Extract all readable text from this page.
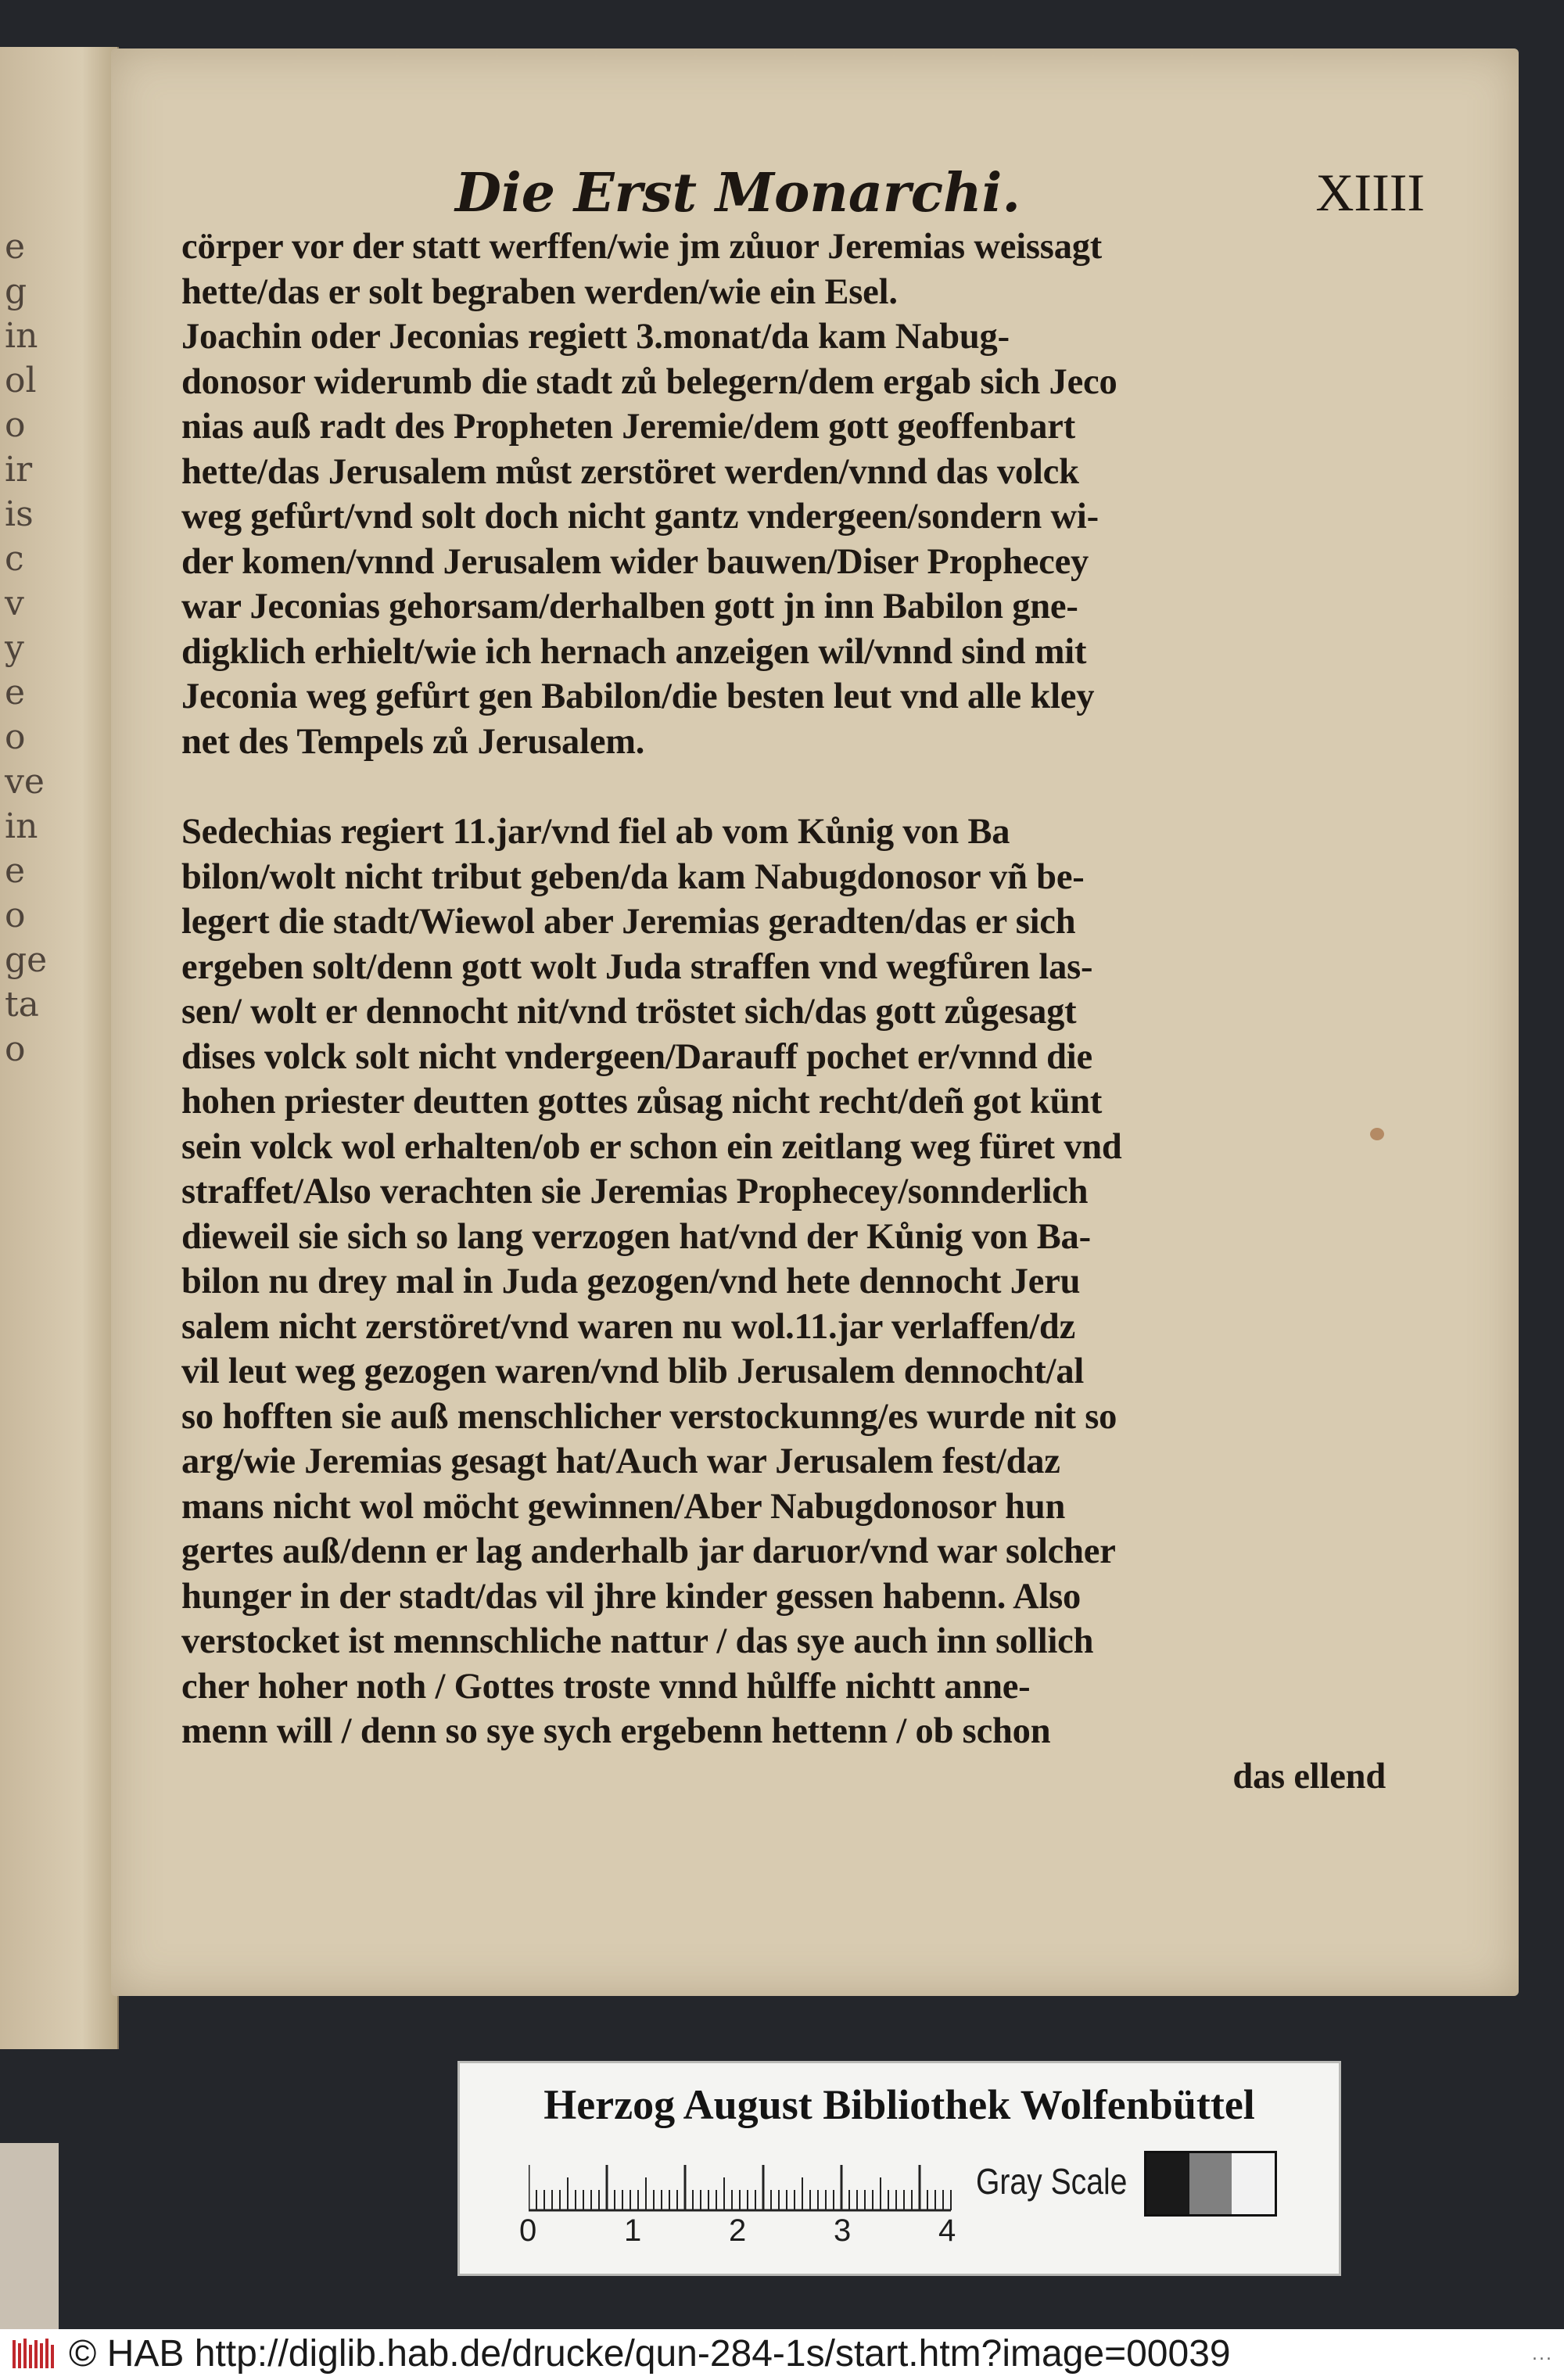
e
g
in
ol
o
ir
is
c
v
y
e
o
ve
in
e
o
ge
ta
o
Die Erst Monarchi.	XIIII
cörper vor der statt werffen/wie jm zůuor Jeremias weissagt
hette/das er solt begraben werden/wie ein Esel.
Joachin oder Jeconias regiett 3.monat/da kam Nabug-
donosor widerumb die stadt zů belegern/dem ergab sich Jeco
nias auß radt des Propheten Jeremie/dem gott geoffenbart
hette/das Jerusalem můst zerstöret werden/vnnd das volck
weg gefůrt/vnd solt doch nicht gantz vndergeen/sondern wi-
der komen/vnnd Jerusalem wider bauwen/Diser Prophecey
war Jeconias gehorsam/derhalben gott jn inn Babilon gne-
digklich erhielt/wie ich hernach anzeigen wil/vnnd sind mit
Jeconia weg gefůrt gen Babilon/die besten leut vnd alle kley
net des Tempels zů Jerusalem.
Sedechias regiert 11.jar/vnd fiel ab vom Kůnig von Ba
bilon/wolt nicht tribut geben/da kam Nabugdonosor vñ be-
legert die stadt/Wiewol aber Jeremias geradten/das er sich
ergeben solt/denn gott wolt Juda straffen vnd wegfůren las-
sen/ wolt er dennocht nit/vnd tröstet sich/das gott zůgesagt
dises volck solt nicht vndergeen/Darauff pochet er/vnnd die
hohen priester deutten gottes zůsag nicht recht/deñ got künt
sein volck wol erhalten/ob er schon ein zeitlang weg füret vnd
straffet/Also verachten sie Jeremias Prophecey/sonnderlich
dieweil sie sich so lang verzogen hat/vnd der Kůnig von Ba-
bilon nu drey mal in Juda gezogen/vnd hete dennocht Jeru
salem nicht zerstöret/vnd waren nu wol.11.jar verlaffen/dz
vil leut weg gezogen waren/vnd blib Jerusalem dennocht/al
so hofften sie auß menschlicher verstockunng/es wurde nit so
arg/wie Jeremias gesagt hat/Auch war Jerusalem fest/daz
mans nicht wol möcht gewinnen/Aber Nabugdonosor hun
gertes auß/denn er lag anderhalb jar daruor/vnd war solcher
hunger in der stadt/das vil jhre kinder gessen habenn. Also
verstocket ist mennschliche nattur / das sye auch inn sollich
cher hoher noth / Gottes troste vnnd hůlffe nichtt anne-
menn will / denn so sye sych ergebenn hettenn / ob schon
das ellend
Herzog August Bibliothek Wolfenbüttel
0	1	2	3	4
Gray Scale
© HAB http://diglib.hab.de/drucke/qun-284-1s/start.htm?image=00039	...
